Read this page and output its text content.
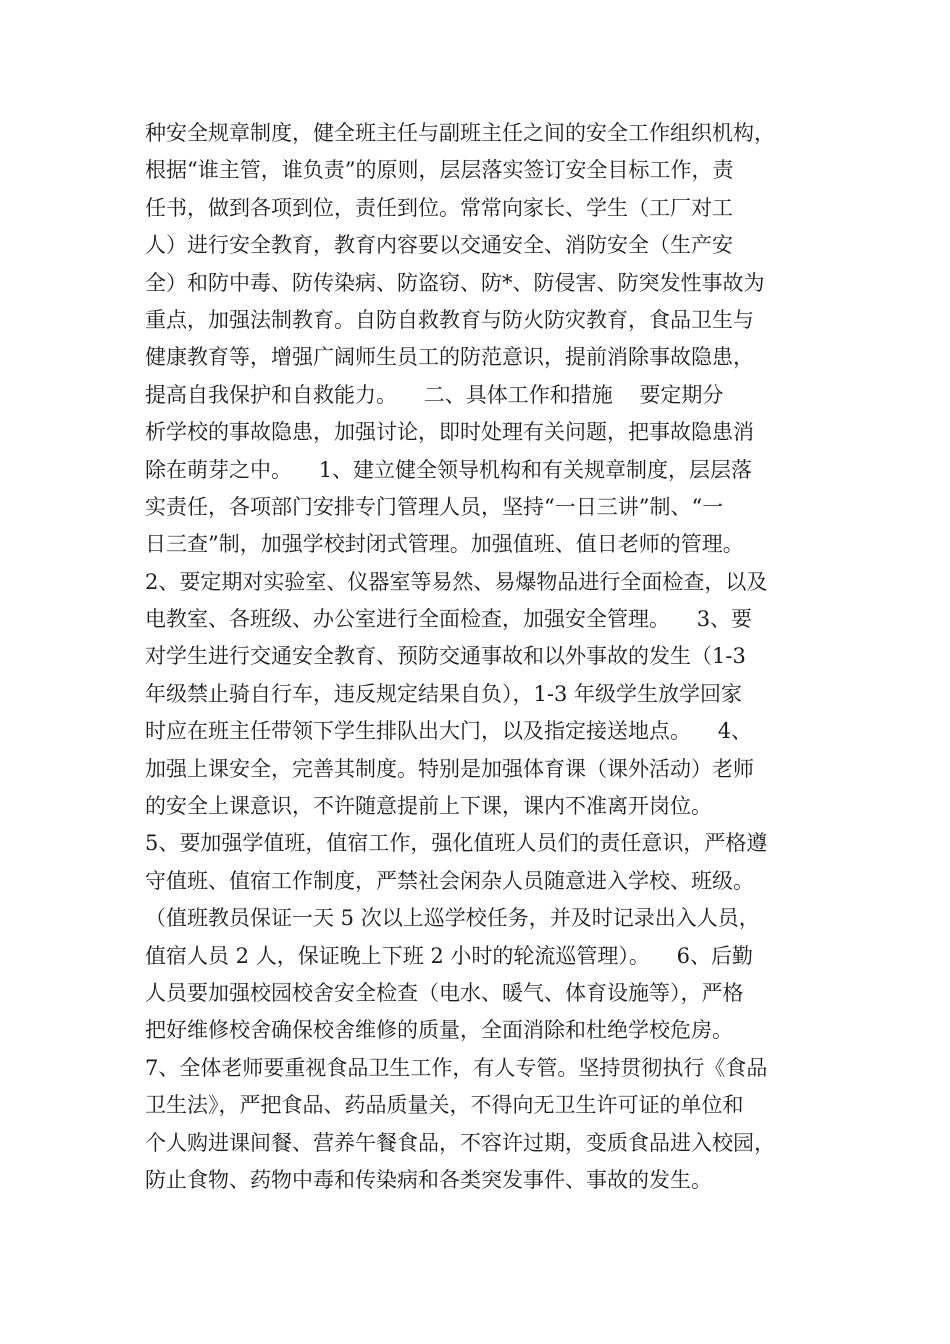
种安全规章制度，健全班主任与副班主任之间的安全工作组织机构，
根据“谁主管，谁负责”的原则，层层落实签订安全目标工作，责
任书，做到各项到位，责任到位。常常向家长、学生（工厂对工
人）进行安全教育，教育内容要以交通安全、消防安全（生产安
全）和防中毒、防传染病、防盗窃、防*、防侵害、防突发性事故为
重点，加强法制教育。自防自救教育与防火防灾教育，食品卫生与
健康教育等，增强广阔师生员工的防范意识，提前消除事故隐患，
提高自我保护和自救能力。    二、具体工作和措施    要定期分
析学校的事故隐患，加强讨论，即时处理有关问题，把事故隐患消
除在萌芽之中。    1、建立健全领导机构和有关规章制度，层层落
实责任，各项部门安排专门管理人员，坚持“一日三讲”制、“一
日三查”制，加强学校封闭式管理。加强值班、值日老师的管理。
2、要定期对实验室、仪器室等易然、易爆物品进行全面检查，以及
电教室、各班级、办公室进行全面检查，加强安全管理。    3、要
对学生进行交通安全教育、预防交通事故和以外事故的发生（1-3
年级禁止骑自行车，违反规定结果自负），1-3 年级学生放学回家
时应在班主任带领下学生排队出大门，以及指定接送地点。    4、
加强上课安全，完善其制度。特别是加强体育课（课外活动）老师
的安全上课意识，不许随意提前上下课，课内不准离开岗位。
5、要加强学值班，值宿工作，强化值班人员们的责任意识，严格遵
守值班、值宿工作制度，严禁社会闲杂人员随意进入学校、班级。
（值班教员保证一天 5 次以上巡学校任务，并及时记录出入人员，
值宿人员 2 人，保证晚上下班 2 小时的轮流巡管理）。    6、后勤
人员要加强校园校舍安全检查（电水、暖气、体育设施等），严格
把好维修校舍确保校舍维修的质量，全面消除和杜绝学校危房。
7、全体老师要重视食品卫生工作，有人专管。坚持贯彻执行《食品
卫生法》，严把食品、药品质量关，不得向无卫生许可证的单位和
个人购进课间餐、营养午餐食品，不容许过期，变质食品进入校园，
防止食物、药物中毒和传染病和各类突发事件、事故的发生。
